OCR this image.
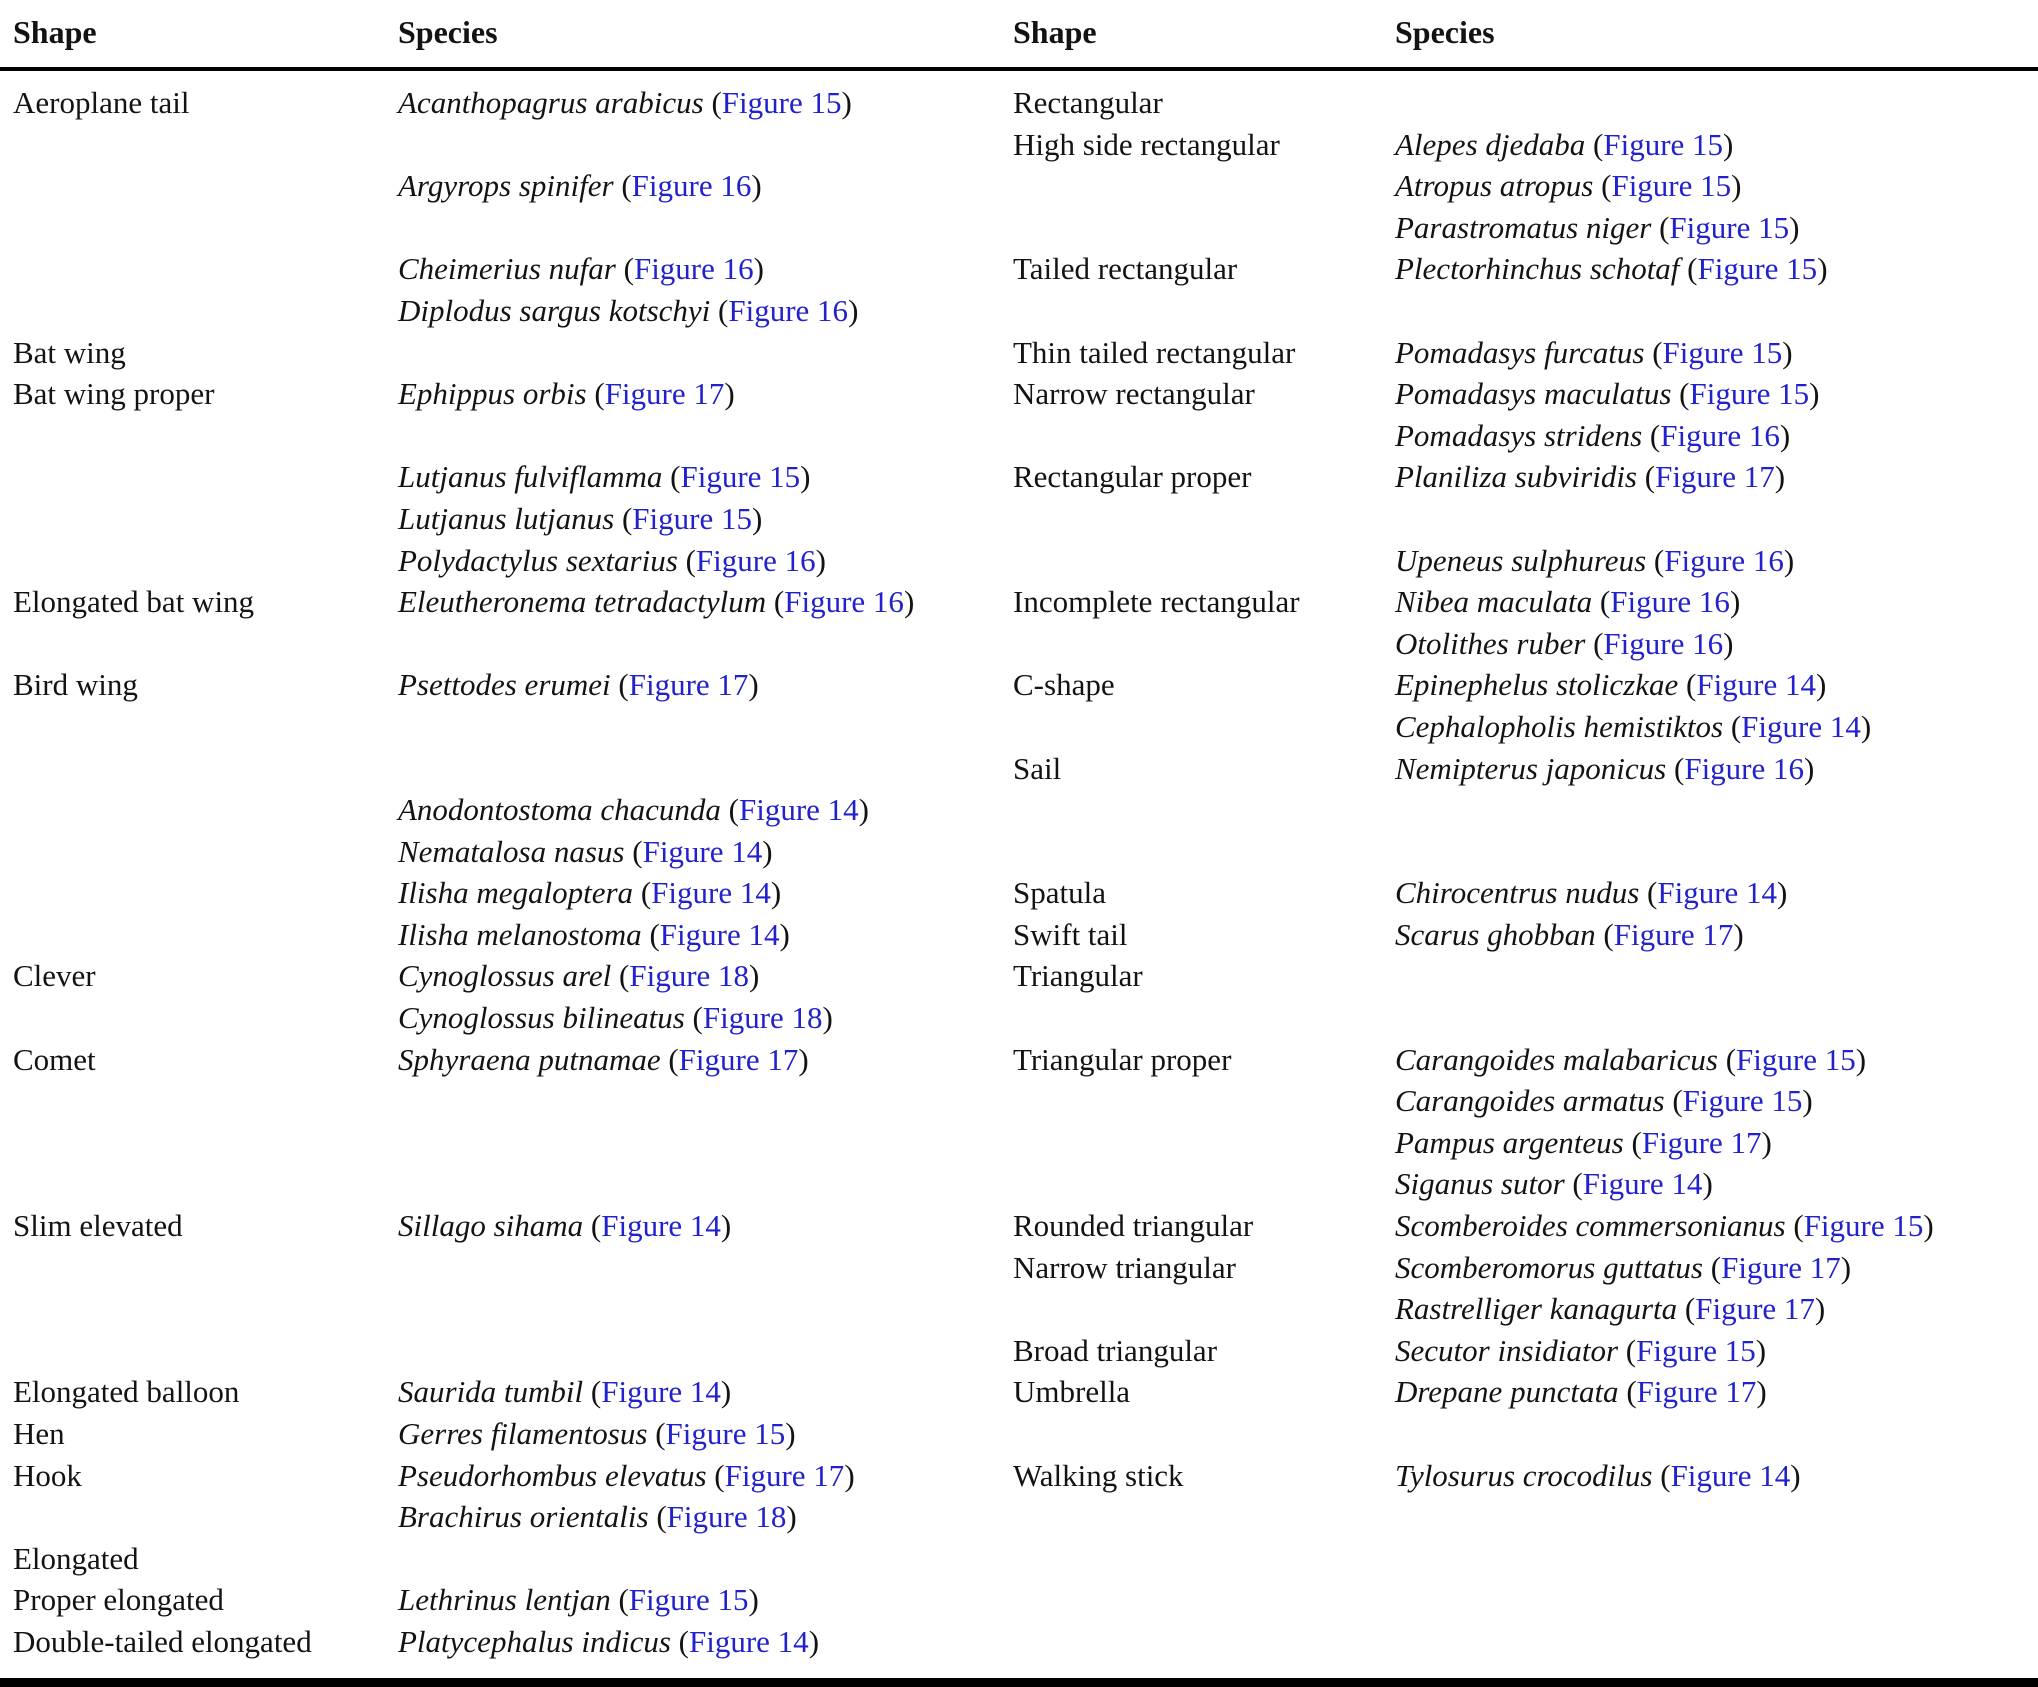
Shape	Species	Shape	Species
Aeroplane tail	Acanthopagrus arabicus (Figure 15)	Rectangular	
		High side rectangular	Alepes djedaba (Figure 15)
	Argyrops spinifer (Figure 16)		Atropus atropus (Figure 15)
			Parastromatus niger (Figure 15)
	Cheimerius nufar (Figure 16)	Tailed rectangular	Plectorhinchus schotaf (Figure 15)
	Diplodus sargus kotschyi (Figure 16)		
Bat wing		Thin tailed rectangular	Pomadasys furcatus (Figure 15)
Bat wing proper	Ephippus orbis (Figure 17)	Narrow rectangular	Pomadasys maculatus (Figure 15)
			Pomadasys stridens (Figure 16)
	Lutjanus fulviflamma (Figure 15)	Rectangular proper	Planiliza subviridis (Figure 17)
	Lutjanus lutjanus (Figure 15)		
	Polydactylus sextarius (Figure 16)		Upeneus sulphureus (Figure 16)
Elongated bat wing	Eleutheronema tetradactylum (Figure 16)	Incomplete rectangular	Nibea maculata (Figure 16)
			Otolithes ruber (Figure 16)
Bird wing	Psettodes erumei (Figure 17)	C-shape	Epinephelus stoliczkae (Figure 14)
			Cephalopholis hemistiktos (Figure 14)
		Sail	Nemipterus japonicus (Figure 16)
	Anodontostoma chacunda (Figure 14)		
	Nematalosa nasus (Figure 14)		
	Ilisha megaloptera (Figure 14)	Spatula	Chirocentrus nudus (Figure 14)
	Ilisha melanostoma (Figure 14)	Swift tail	Scarus ghobban (Figure 17)
Clever	Cynoglossus arel (Figure 18)	Triangular	
	Cynoglossus bilineatus (Figure 18)		
Comet	Sphyraena putnamae (Figure 17)	Triangular proper	Carangoides malabaricus (Figure 15)
			Carangoides armatus (Figure 15)
			Pampus argenteus (Figure 17)
			Siganus sutor (Figure 14)
Slim elevated	Sillago sihama (Figure 14)	Rounded triangular	Scomberoides commersonianus (Figure 15)
		Narrow triangular	Scomberomorus guttatus (Figure 17)
			Rastrelliger kanagurta (Figure 17)
		Broad triangular	Secutor insidiator (Figure 15)
Elongated balloon	Saurida tumbil (Figure 14)	Umbrella	Drepane punctata (Figure 17)
Hen	Gerres filamentosus (Figure 15)		
Hook	Pseudorhombus elevatus (Figure 17)	Walking stick	Tylosurus crocodilus (Figure 14)
	Brachirus orientalis (Figure 18)		
Elongated			
Proper elongated	Lethrinus lentjan (Figure 15)		
Double-tailed elongated	Platycephalus indicus (Figure 14)		
